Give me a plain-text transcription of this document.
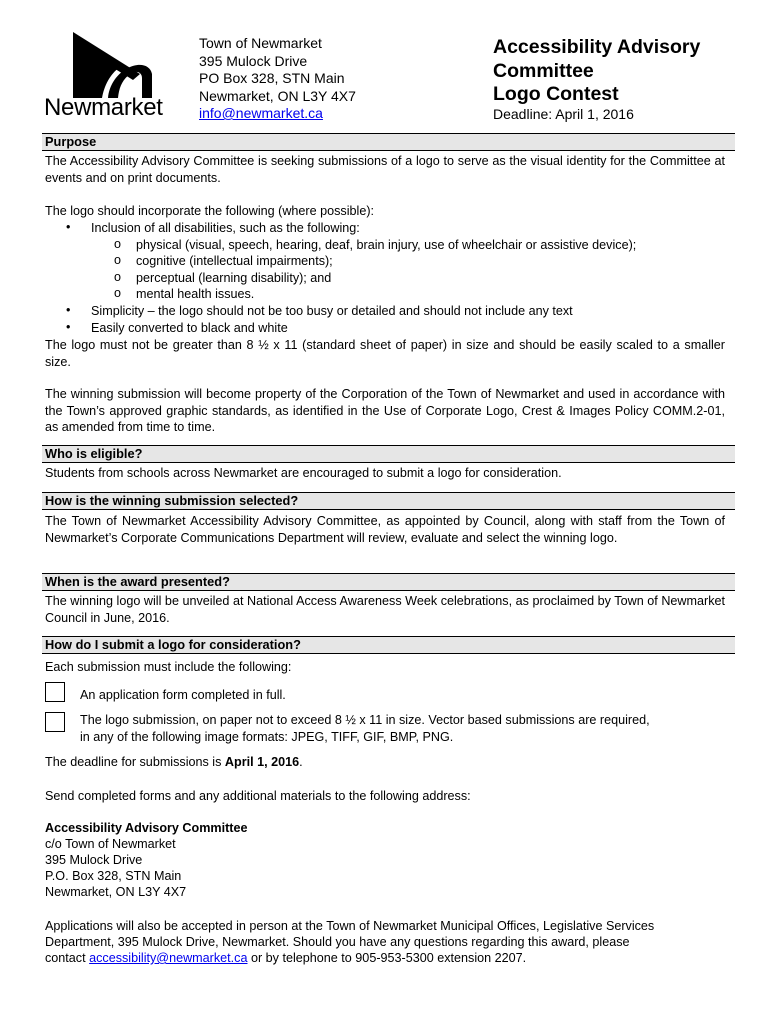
Newmarket
Town of Newmarket
395 Mulock Drive
PO Box 328, STN Main
Newmarket, ON L3Y 4X7
info@newmarket.ca
Accessibility Advisory
Committee
Logo Contest
Deadline: April 1, 2016
Purpose
The Accessibility Advisory Committee is seeking submissions of a logo to serve as the visual identity for the Committee at events and on print documents.
The logo should incorporate the following (where possible):
• Inclusion of all disabilities, such as the following:
o physical (visual, speech, hearing, deaf, brain injury, use of wheelchair or assistive device);
o cognitive (intellectual impairments);
o perceptual (learning disability); and
o mental health issues.
• Simplicity – the logo should not be too busy or detailed and should not include any text
• Easily converted to black and white
The logo must not be greater than 8 ½ x 11 (standard sheet of paper) in size and should be easily scaled to a smaller size.
The winning submission will become property of the Corporation of the Town of Newmarket and used in accordance with the Town’s approved graphic standards, as identified in the Use of Corporate Logo, Crest & Images Policy COMM.2-01, as amended from time to time.
Who is eligible?
Students from schools across Newmarket are encouraged to submit a logo for consideration.
How is the winning submission selected?
The Town of Newmarket Accessibility Advisory Committee, as appointed by Council, along with staff from the Town of Newmarket’s Corporate Communications Department will review, evaluate and select the winning logo.
When is the award presented?
The winning logo will be unveiled at National Access Awareness Week celebrations, as proclaimed by Town of Newmarket Council in June, 2016.
How do I submit a logo for consideration?
Each submission must include the following:
An application form completed in full.
The logo submission, on paper not to exceed 8 ½ x 11 in size. Vector based submissions are required,
in any of the following image formats: JPEG, TIFF, GIF, BMP, PNG.
The deadline for submissions is April 1, 2016.
Send completed forms and any additional materials to the following address:
Accessibility Advisory Committee
c/o Town of Newmarket
395 Mulock Drive
P.O. Box 328, STN Main
Newmarket, ON L3Y 4X7
Applications will also be accepted in person at the Town of Newmarket Municipal Offices, Legislative Services
Department, 395 Mulock Drive, Newmarket. Should you have any questions regarding this award, please
contact accessibility@newmarket.ca or by telephone to 905-953-5300 extension 2207.
